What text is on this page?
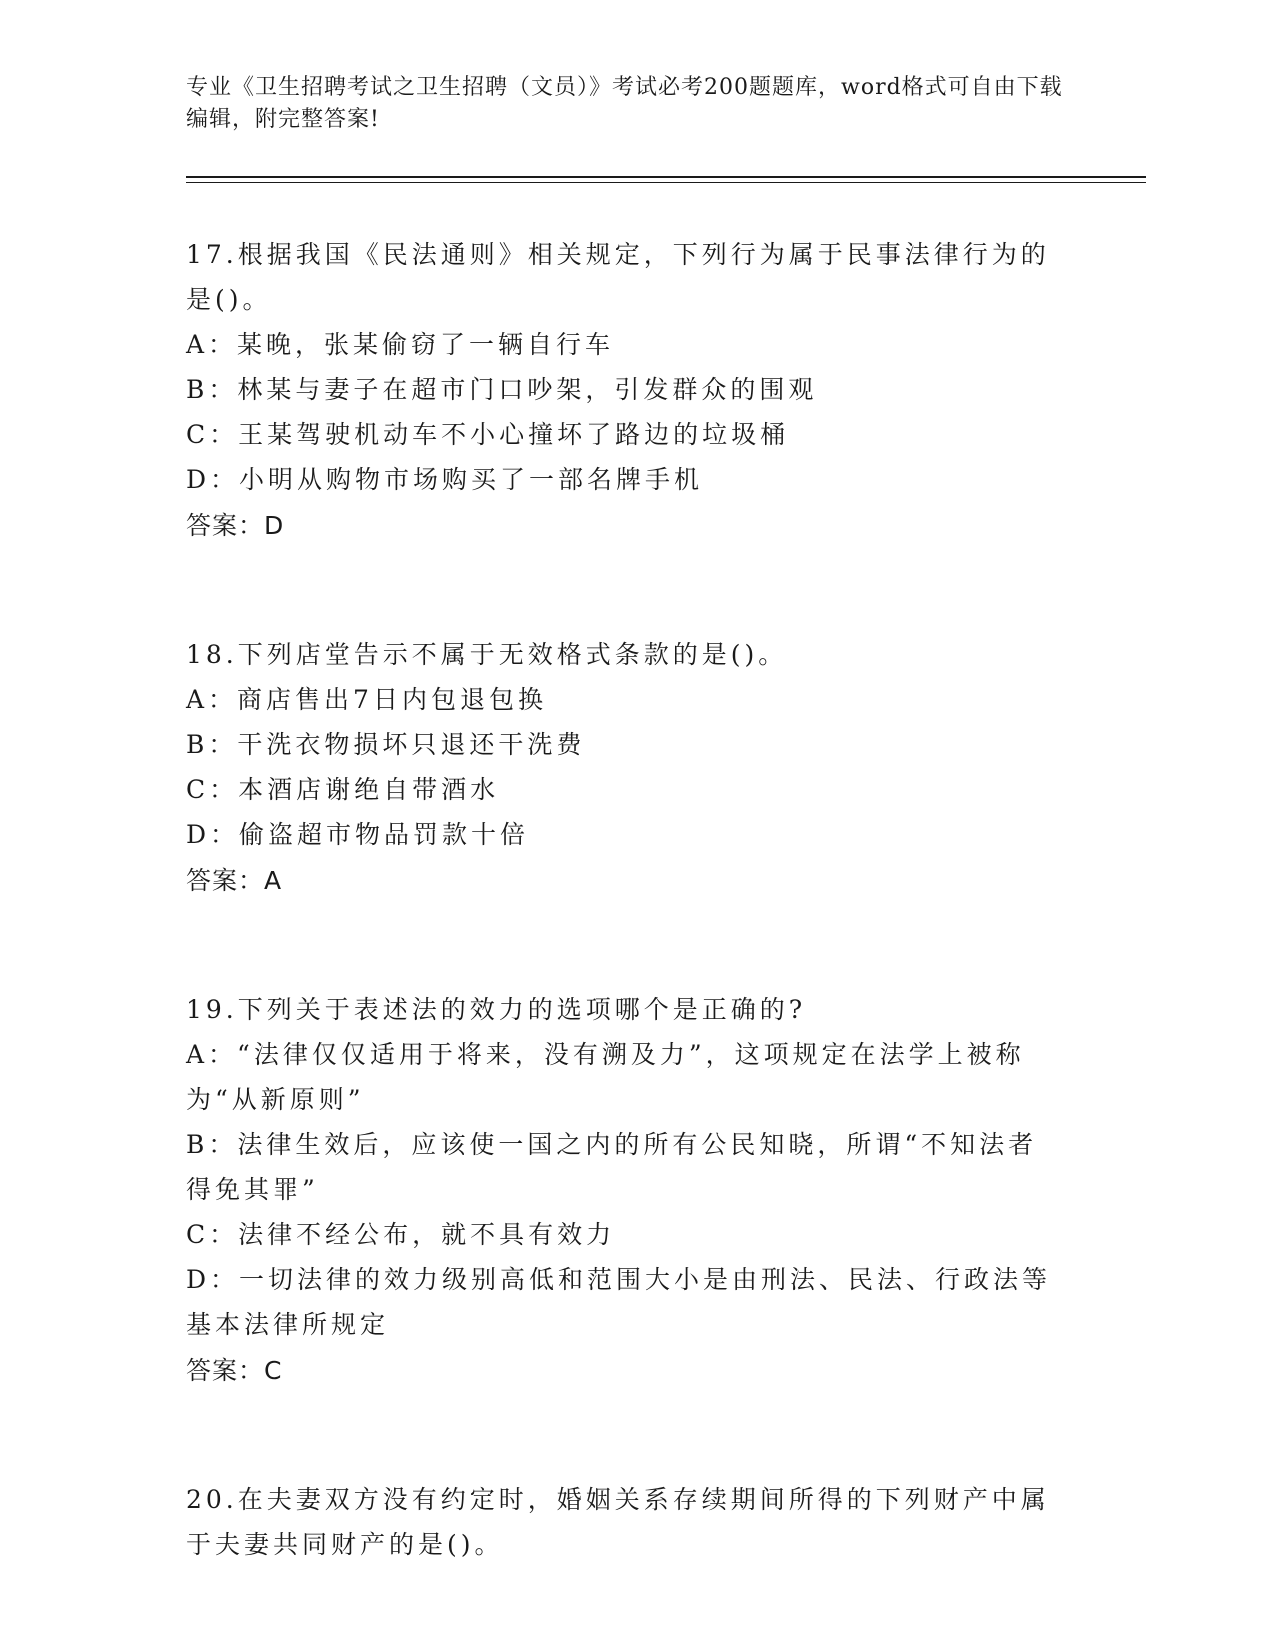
专业《卫生招聘考试之卫生招聘（文员）》考试必考200题题库，word格式可自由下载编辑，附完整答案!

17.根据我国《民法通则》相关规定，下列行为属于民事法律行为的是()。

A：某晚，张某偷窃了一辆自行车

B：林某与妻子在超市门口吵架，引发群众的围观

C：王某驾驶机动车不小心撞坏了路边的垃圾桶

D：小明从购物市场购买了一部名牌手机

答案：D

18.下列店堂告示不属于无效格式条款的是()。

A：商店售出7日内包退包换

B：干洗衣物损坏只退还干洗费

C：本酒店谢绝自带酒水

D：偷盗超市物品罚款十倍

答案：A

19.下列关于表述法的效力的选项哪个是正确的?

A：“法律仅仅适用于将来，没有溯及力”，这项规定在法学上被称为“从新原则”

B：法律生效后，应该使一国之内的所有公民知晓，所谓“不知法者得免其罪”

C：法律不经公布，就不具有效力

D：一切法律的效力级别高低和范围大小是由刑法、民法、行政法等基本法律所规定

答案：C

20.在夫妻双方没有约定时，婚姻关系存续期间所得的下列财产中属于夫妻共同财产的是()。
